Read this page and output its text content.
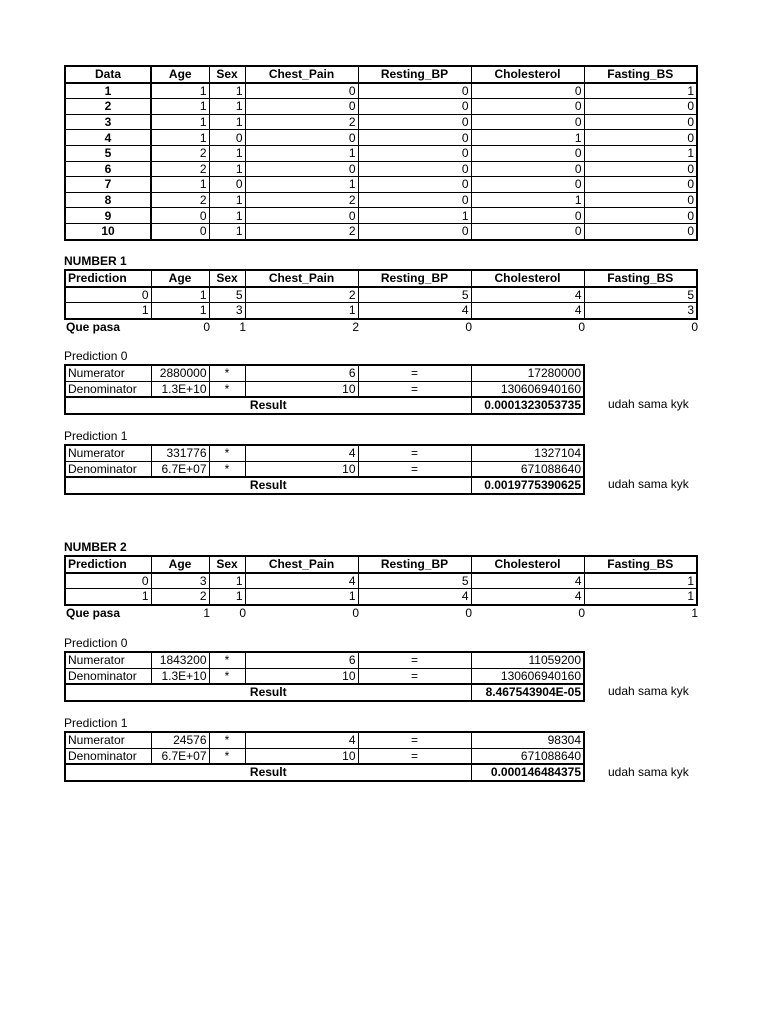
Data	Age	Sex	Chest_Pain	Resting_BP	Cholesterol	Fasting_BS
1	1	1	0	0	0	1
2	1	1	0	0	0	0
3	1	1	2	0	0	0
4	1	0	0	0	1	0
5	2	1	1	0	0	1
6	2	1	0	0	0	0
7	1	0	1	0	0	0
8	2	1	2	0	1	0
9	0	1	0	1	0	0
10	0	1	2	0	0	0
NUMBER 1
Prediction	Age	Sex	Chest_Pain	Resting_BP	Cholesterol	Fasting_BS
0	1	5	2	5	4	5
1	1	3	1	4	4	3
Que pasa	0	1	2	0	0	0
Prediction 0
Numerator	2880000	*	6	=	17280000
Denominator	1.3E+10	*	10	=	130606940160
Result					0.0001323053735 udah sama kyk
Prediction 1
Numerator	331776	*	4	=	1327104
Denominator	6.7E+07	*	10	=	671088640
Result					0.0019775390625 udah sama kyk
NUMBER 2
Prediction	Age	Sex	Chest_Pain	Resting_BP	Cholesterol	Fasting_BS
0	3	1	4	5	4	1
1	2	1	1	4	4	1
Que pasa	1	0	0	0	0	1
Prediction 0
Numerator	1843200	*	6	=	11059200
Denominator	1.3E+10	*	10	=	130606940160
Result					8.467543904E-05 udah sama kyk
Prediction 1
Numerator	24576	*	4	=	98304
Denominator	6.7E+07	*	10	=	671088640
Result					0.000146484375 udah sama kyk
